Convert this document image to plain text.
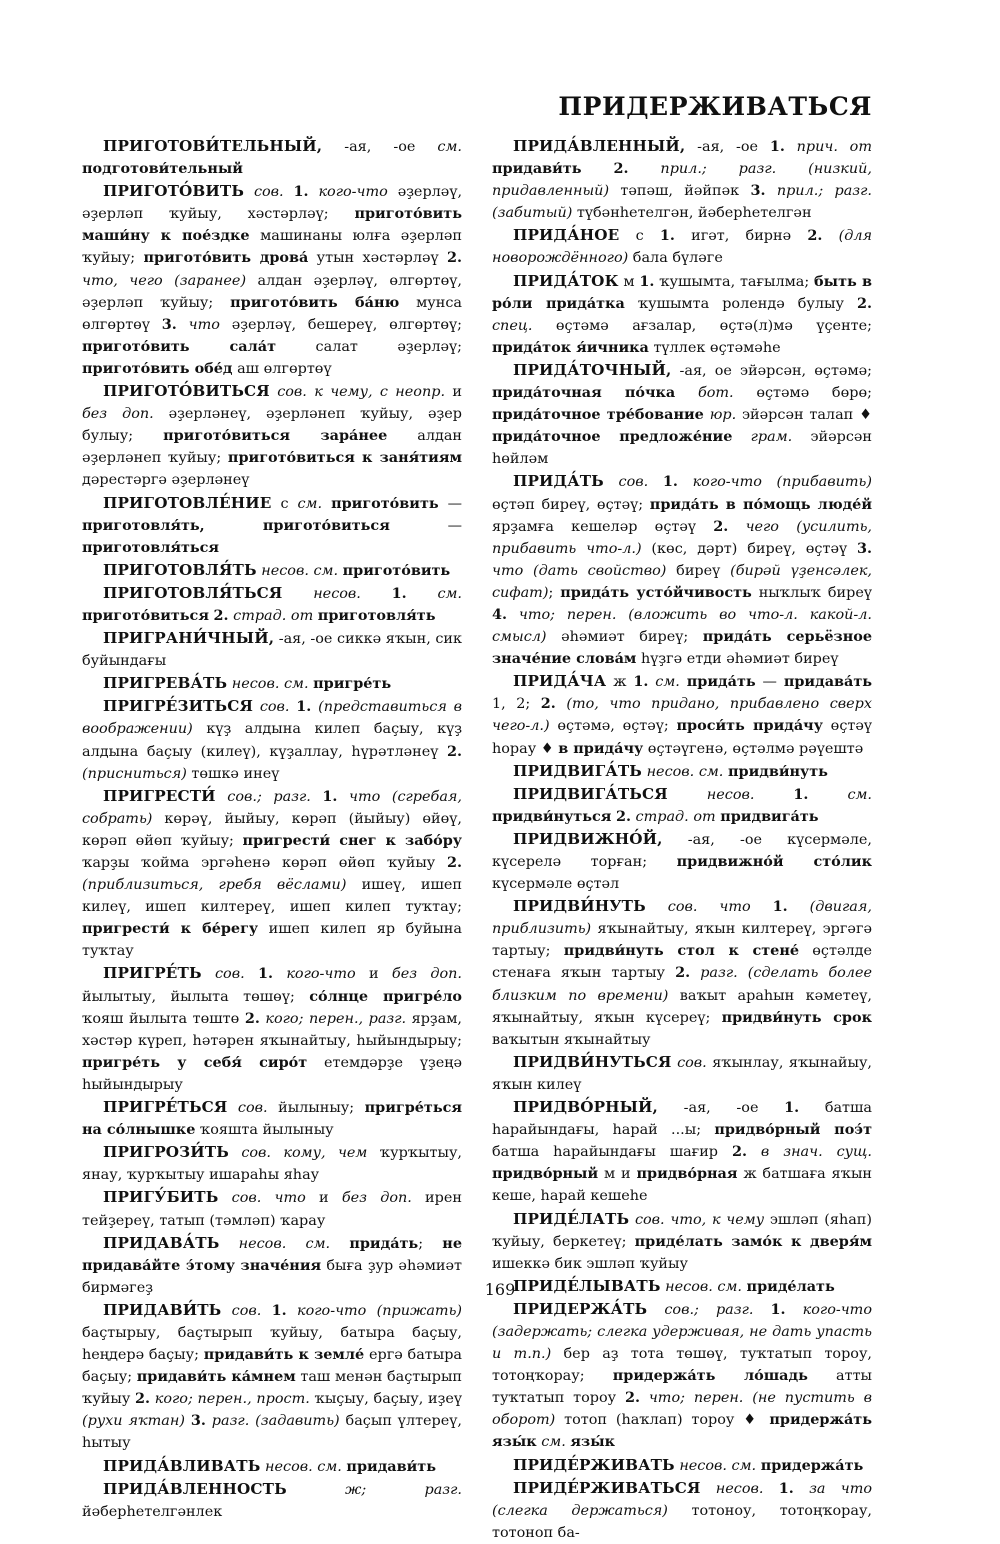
ПРИДЕРЖИВАТЬСЯ

ПРИГОТОВИ́ТЕЛЬНЫЙ, -ая, -ое см. подготови́тельный

ПРИГОТО́ВИТЬ сов. 1. кого-что әҙерләү, әҙерләп ҡуйыу, хәстәрләү; пригото́вить маши́ну к пое́здке машинаны юлға әҙерләп ҡуйыу; пригото́вить дрова́ утын хәстәрләү 2. что, чего (заранее) алдан әҙерләү, өлгөртөү, әҙерләп ҡуйыу; пригото́вить ба́ню мунса өлгөртөү 3. что әҙерләү, бешереү, өлгөртөү; пригото́вить сала́т салат әҙерләү; пригото́вить обе́д аш өлгөртөү

ПРИГОТО́ВИТЬСЯ сов. к чему, с неопр. и без доп. әҙерләнеү, әҙерләнеп ҡуйыу, әҙер булыу; пригото́виться зара́нее алдан әҙерләнеп ҡуйыу; пригото́виться к заня́тиям дәрестәргә әҙерләнеү

ПРИГОТОВЛЕ́НИЕ с см. пригото́вить — приготовля́ть, пригото́виться — приготовля́ться

ПРИГОТОВЛЯ́ТЬ несов. см. пригото́вить

ПРИГОТОВЛЯ́ТЬСЯ несов. 1. см. пригото́виться 2. страд. от приготовля́ть

ПРИГРАНИ́ЧНЫЙ, -ая, -ое сиккә яҡын, сик буйындағы

ПРИГРЕВА́ТЬ несов. см. пригре́ть

ПРИГРЕ́ЗИТЬСЯ сов. 1. (представиться в воображении) күҙ алдына килеп баҫыу, күҙ алдына баҫыу (килеү), күҙаллау, һүрәтләнеү 2. (присниться) төшкә инеү

ПРИГРЕСТИ́ сов.; разг. 1. что (сгребая, собрать) көрәү, йыйыу, көрәп (йыйыу) өйөү, көрәп өйөп ҡуйыу; пригрести́ снег к забо́ру ҡарҙы ҡойма эргәһенә көрәп өйөп ҡуйыу 2. (приблизиться, гребя вёслами) ишеү, ишеп килеү, ишеп килтереү, ишеп килеп туҡтау; пригрести́ к бе́регу ишеп килеп яр буйына туҡтау

ПРИГРЕ́ТЬ сов. 1. кого-что и без доп. йылытыу, йылыта төшөү; со́лнце пригре́ло ҡояш йылыта төштө 2. кого; перен., разг. ярҙам, хәстәр күреп, һәтәрен яҡынайтыу, һыйындырыу; пригре́ть у себя́ сиро́т етемдәрҙе үҙеңә һыйындырыу

ПРИГРЕ́ТЬСЯ сов. йылыныу; пригре́ться на со́лнышке ҡояшта йылыныу

ПРИГРОЗИ́ТЬ сов. кому, чем ҡурҡытыу, янау, ҡурҡытыу ишараһы яһау

ПРИГУ́БИТЬ сов. что и без доп. ирен тейҙереү, татып (тәмләп) ҡарау

ПРИДАВА́ТЬ несов. см. прида́ть; не придава́йте э́тому значе́ния быға ҙур әһәмиәт бирмәгеҙ

ПРИДАВИ́ТЬ сов. 1. кого-что (прижать) баҫтырыу, баҫтырып ҡуйыу, батыра баҫыу, һеңдерә баҫыу; придави́ть к земле́ ергә батыра баҫыу; придави́ть ка́мнем таш менән баҫтырып ҡуйыу 2. кого; перен., прост. ҡыҫыу, баҫыу, иҙеү (рухи яҡтан) 3. разг. (задавить) баҫып үлтереү, һытыу

ПРИДА́ВЛИВАТЬ несов. см. придави́ть

ПРИДА́ВЛЕННОСТЬ	ж; разг. йәберһетелгәнлек

ПРИДА́ВЛЕННЫЙ, -ая, -ое 1. прич. от придави́ть 2. прил.; разг. (низкий, придавленный) тәпәш, йәйпәк 3. прил.; разг. (забитый) түбәнһетелгән, йәберһетелгән

ПРИДА́НОЕ с 1. игәт, бирнә 2. (для новорождённого) бала бүләге

ПРИДА́ТОК м 1. ҡушымта, тағылма; быть в ро́ли прида́тка ҡушымта ролендә булыу 2. спец. өҫтәмә ағзалар, өҫтә(л)мә үҫенте; прида́ток я́ичника түллек өҫтәмәһе

ПРИДА́ТОЧНЫЙ, -ая, ое эйәрсән, өҫтәмә; прида́точная по́чка бот. өҫтәмә бөрө; прида́точное тре́бование юр. эйәрсән талап ♦ прида́точное предложе́ние грам. эйәрсән һөйләм

ПРИДА́ТЬ сов. 1. кого-что (прибавить) өҫтәп биреү, өҫтәү; прида́ть в по́мощь люде́й ярҙамға кешеләр өҫтәү 2. чего (усилить, прибавить что-л.) (көс, дәрт) биреү, өҫтәү 3. что (дать свойство) биреү (бирәй үҙенсәлек, сифат); прида́ть усто́йчивость ныҡлыҡ биреү 4. что; перен. (вложить во что-л. какой-л. смысл) әһәмиәт биреү; прида́ть серьёзное значе́ние слова́м һүҙгә етди әһәмиәт биреү

ПРИДА́ЧА ж 1. см. прида́ть — придава́ть 1, 2; 2. (то, что придано, прибавлено сверх чего-л.) өҫтәмә, өҫтәү; проси́ть прида́чу өҫтәү һорау ♦ в прида́чу өҫтәүгенә, өҫтәлмә рәүештә

ПРИДВИГА́ТЬ несов. см. придви́нуть

ПРИДВИГА́ТЬСЯ	несов.	1.	см. придви́нуться 2. страд. от придвига́ть

ПРИДВИЖНО́Й, -ая, -ое күсермәле, күсерелә торған; придвижно́й сто́лик күсермәле өҫтәл

ПРИДВИ́НУТЬ сов. что 1. (двигая, приблизить) яҡынайтыу, яҡын килтереү, эргәгә тартыу; придви́нуть стол к стене́ өҫтәлде стенаға яҡын тартыу 2. разг. (сделать более близким по времени) ваҡыт араһын кәметеү, яҡынайтыу, яҡын күсереү; придви́нуть срок ваҡытын яҡынайтыу

ПРИДВИ́НУТЬСЯ сов. яҡынлау, яҡынайыу, яҡын килеү

ПРИДВО́РНЫЙ, -ая, -ое 1. батша һарайындағы, һарай ...ы; придво́рный поэ́т батша һарайындағы шағир 2. в знач. сущ. придво́рный м и придво́рная ж батшаға яҡын кеше, һарай кешеһе

ПРИДЕ́ЛАТЬ сов. что, к чему эшләп (яһап) ҡуйыу, беркетеү; приде́лать замо́к к дверя́м ишеккә бик эшләп ҡуйыу

ПРИДЕ́ЛЫВАТЬ несов. см. приде́лать

ПРИДЕРЖА́ТЬ сов.; разг. 1. кого-что (задержать; слегка удерживая, не дать упасть и т.п.) бер аҙ тота төшөү, туҡтатып тороу, тотоңҡорау; придержа́ть ло́шадь атты туҡтатып тороу 2. что; перен. (не пустить в оборот) тотоп (һаҡлап) тороу ♦ придержа́ть язы́к см. язы́к

ПРИДЕ́РЖИВАТЬ несов. см. придержа́ть

ПРИДЕ́РЖИВАТЬСЯ несов. 1. за что (слегка держаться) тотоноу, тотоңҡорау, тотоноп ба-

169
